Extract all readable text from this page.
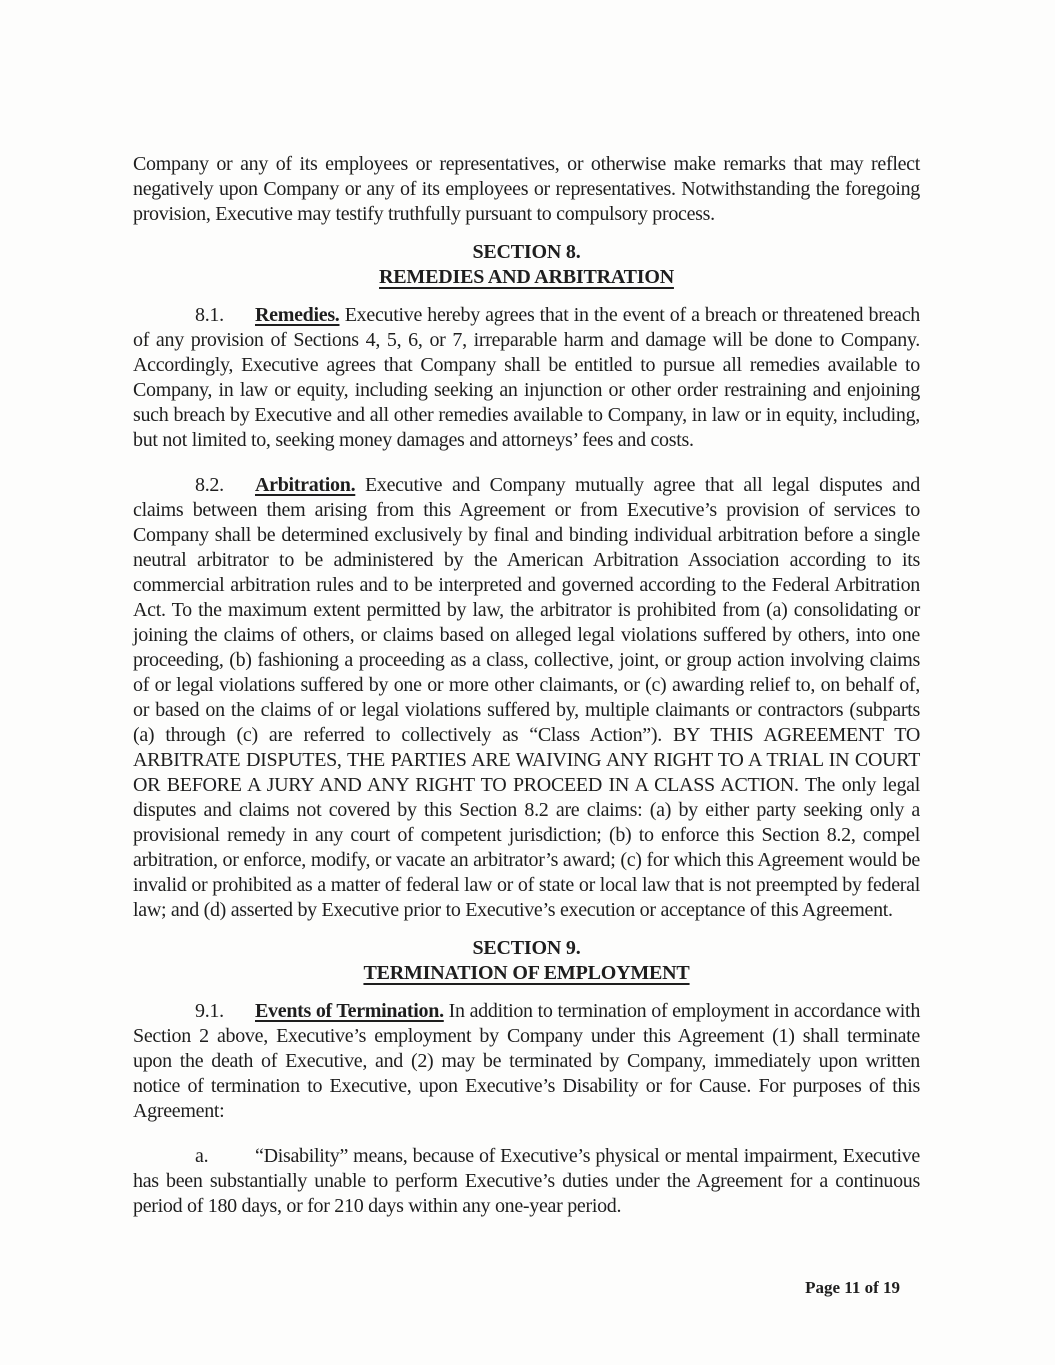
Company or any of its employees or representatives, or otherwise make remarks that may reflect negatively upon Company or any of its employees or representatives. Notwithstanding the foregoing provision, Executive may testify truthfully pursuant to compulsory process.

SECTION 8.
REMEDIES AND ARBITRATION

8.1. Remedies. Executive hereby agrees that in the event of a breach or threatened breach of any provision of Sections 4, 5, 6, or 7, irreparable harm and damage will be done to Company. Accordingly, Executive agrees that Company shall be entitled to pursue all remedies available to Company, in law or equity, including seeking an injunction or other order restraining and enjoining such breach by Executive and all other remedies available to Company, in law or in equity, including, but not limited to, seeking money damages and attorneys’ fees and costs.

8.2. Arbitration. Executive and Company mutually agree that all legal disputes and claims between them arising from this Agreement or from Executive’s provision of services to Company shall be determined exclusively by final and binding individual arbitration before a single neutral arbitrator to be administered by the American Arbitration Association according to its commercial arbitration rules and to be interpreted and governed according to the Federal Arbitration Act. To the maximum extent permitted by law, the arbitrator is prohibited from (a) consolidating or joining the claims of others, or claims based on alleged legal violations suffered by others, into one proceeding, (b) fashioning a proceeding as a class, collective, joint, or group action involving claims of or legal violations suffered by one or more other claimants, or (c) awarding relief to, on behalf of, or based on the claims of or legal violations suffered by, multiple claimants or contractors (subparts (a) through (c) are referred to collectively as “Class Action”). BY THIS AGREEMENT TO ARBITRATE DISPUTES, THE PARTIES ARE WAIVING ANY RIGHT TO A TRIAL IN COURT OR BEFORE A JURY AND ANY RIGHT TO PROCEED IN A CLASS ACTION. The only legal disputes and claims not covered by this Section 8.2 are claims: (a) by either party seeking only a provisional remedy in any court of competent jurisdiction; (b) to enforce this Section 8.2, compel arbitration, or enforce, modify, or vacate an arbitrator’s award; (c) for which this Agreement would be invalid or prohibited as a matter of federal law or of state or local law that is not preempted by federal law; and (d) asserted by Executive prior to Executive’s execution or acceptance of this Agreement.

SECTION 9.
TERMINATION OF EMPLOYMENT

9.1. Events of Termination. In addition to termination of employment in accordance with Section 2 above, Executive’s employment by Company under this Agreement (1) shall terminate upon the death of Executive, and (2) may be terminated by Company, immediately upon written notice of termination to Executive, upon Executive’s Disability or for Cause. For purposes of this Agreement:

a. “Disability” means, because of Executive’s physical or mental impairment, Executive has been substantially unable to perform Executive’s duties under the Agreement for a continuous period of 180 days, or for 210 days within any one-year period.

Page 11 of 19
